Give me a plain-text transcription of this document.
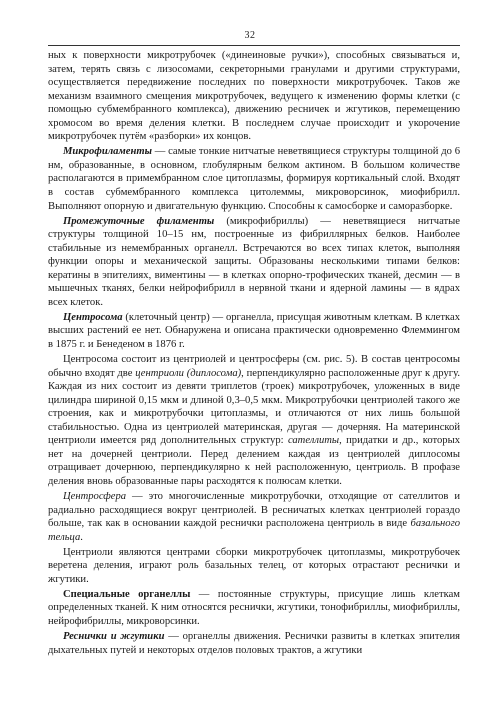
32

ных к поверхности микротрубочек («динеиновые ручки»), способных связываться и, затем, терять связь с лизосомами, секреторными гранулами и другими структурами, осуществляется передвижение последних по поверхности микротрубочек. Таков же механизм взаимного смещения микротрубочек, ведущего к изменению формы клетки (с помощью субмембранного комплекса), движению ресничек и жгутиков, перемещению хромосом во время деления клетки. В последнем случае происходит и укорочение микротрубочек путём «разборки» их концов.

Микрофиламенты — самые тонкие нитчатые неветвящиеся структуры толщиной до 6 нм, образованные, в основном, глобулярным белком актином. В большом количестве располагаются в примембранном слое цитоплазмы, формируя кортикальный слой. Входят в состав субмембранного комплекса цитолеммы, микроворсинок, миофибрилл. Выполняют опорную и двигательную функцию. Способны к самосборке и саморазборке.

Промежуточные филаменты (микрофибриллы) — неветвящиеся нитчатые структуры толщиной 10–15 нм, построенные из фибриллярных белков. Наиболее стабильные из немембранных органелл. Встречаются во всех типах клеток, выполняя функции опоры и механической защиты. Образованы несколькими типами белков: кератины в эпителиях, виментины — в клетках опорно-трофических тканей, десмин — в мышечных тканях, белки нейрофибрилл в нервной ткани и ядерной ламины — в ядрах всех клеток.

Центросома (клеточный центр) — органелла, присущая животным клеткам. В клетках высших растений ее нет. Обнаружена и описана практически одновременно Флеммингом в 1875 г. и Бенеденом в 1876 г.

Центросома состоит из центриолей и центросферы (см. рис. 5). В состав центросомы обычно входят две центриоли (диплосома), перпендикулярно расположенные друг к другу. Каждая из них состоит из девяти триплетов (троек) микротрубочек, уложенных в виде цилиндра шириной 0,15 мкм и длиной 0,3–0,5 мкм. Микротрубочки центриолей такого же строения, как и микротрубочки цитоплазмы, и отличаются от них лишь большой стабильностью. Одна из центриолей материнская, другая — дочерняя. На материнской центриоли имеется ряд дополнительных структур: сателлиты, придатки и др., которых нет на дочерней центриоли. Перед делением каждая из центриолей диплосомы отращивает дочернюю, перпендикулярно к ней расположенную, центриоль. В профазе деления вновь образованные пары расходятся к полюсам клетки.

Центросфера — это многочисленные микротрубочки, отходящие от сателлитов и радиально расходящиеся вокруг центриолей. В ресничатых клетках центриолей гораздо больше, так как в основании каждой реснички расположена центриоль в виде базального тельца.

Центриоли являются центрами сборки микротрубочек цитоплазмы, микротрубочек веретена деления, играют роль базальных телец, от которых отрастают реснички и жгутики.

Специальные органеллы — постоянные структуры, присущие лишь клеткам определенных тканей. К ним относятся реснички, жгутики, тонофибриллы, миофибриллы, нейрофибриллы, микроворсинки.

Реснички и жгутики — органеллы движения. Реснички развиты в клетках эпителия дыхательных путей и некоторых отделов половых трактов, а жгутики
